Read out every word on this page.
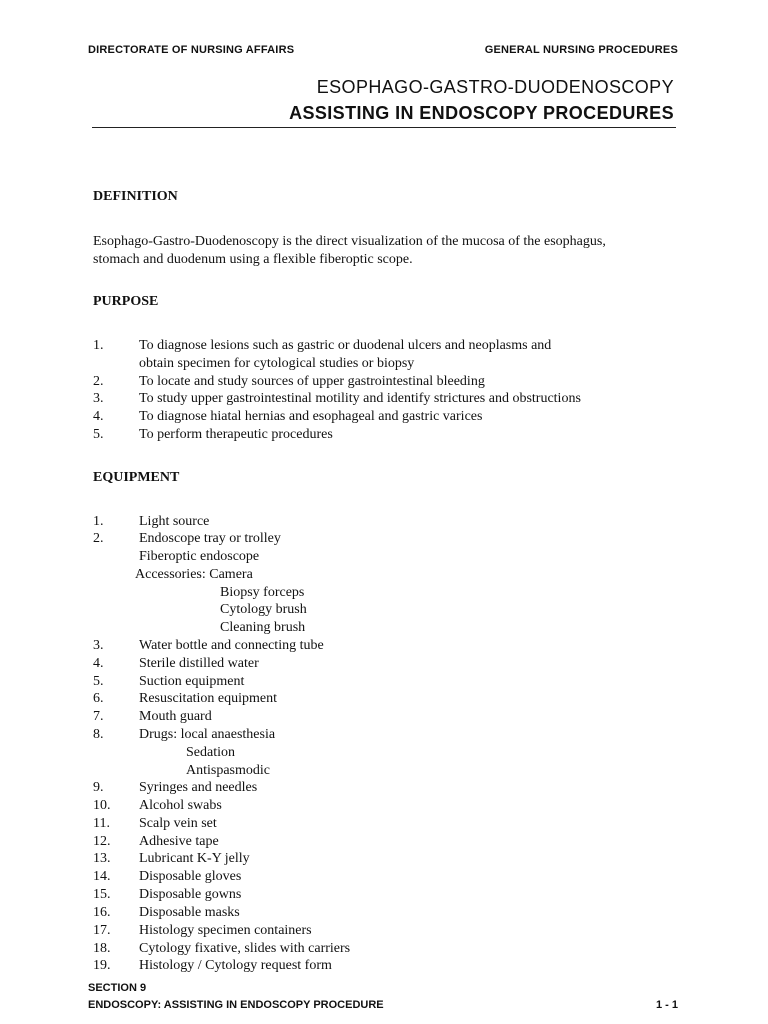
DIRECTORATE OF NURSING AFFAIRS	GENERAL NURSING PROCEDURES
ESOPHAGO-GASTRO-DUODENOSCOPY
ASSISTING IN ENDOSCOPY PROCEDURES
DEFINITION
Esophago-Gastro-Duodenoscopy is the direct visualization of the mucosa of the esophagus,
stomach and duodenum using a flexible fiberoptic scope.
PURPOSE
1.	To diagnose lesions such as gastric or duodenal ulcers and neoplasms and
obtain specimen for cytological studies or biopsy
2.	To locate and study sources of upper gastrointestinal bleeding
3.	To study upper gastrointestinal motility and identify strictures and obstructions
4.	To diagnose hiatal hernias and esophageal and gastric varices
5.	To perform therapeutic procedures
EQUIPMENT
1.	Light source
2.	Endoscope tray or trolley
Fiberoptic endoscope
Accessories: Camera
Biopsy forceps
Cytology brush
Cleaning brush
3.	Water bottle and connecting tube
4.	Sterile distilled water
5.	Suction equipment
6.	Resuscitation equipment
7.	Mouth guard
8.	Drugs: local anaesthesia
Sedation
Antispasmodic
9.	Syringes and needles
10. Alcohol swabs
11. Scalp vein set
12. Adhesive tape
13. Lubricant K-Y jelly
14. Disposable gloves
15. Disposable gowns
16. Disposable masks
17. Histology specimen containers
18. Cytology fixative, slides with carriers
19. Histology / Cytology request form
SECTION 9
ENDOSCOPY: ASSISTING IN ENDOSCOPY PROCEDURE	1 - 1
